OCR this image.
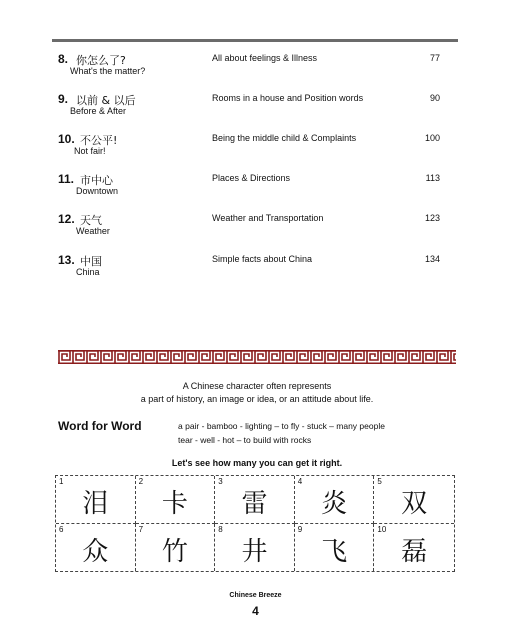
8. 你怎么了?
What's the matter?
All about feelings & Illness	77
9. 以前 & 以后
Before & After
Rooms in a house and Position words	90
10. 不公平!
Not fair!
Being the middle child & Complaints	100
11. 市中心
Downtown
Places & Directions	113
12. 天气
Weather
Weather and Transportation	123
13. 中国
China
Simple facts about China	134
A Chinese character often represents
a part of history, an image or idea, or an attitude about life.
Word for Word	a pair - bamboo - lighting – to fly - stuck – many people
tear - well - hot – to build with rocks
Let's see how many you can get it right.
1
泪
2
卡
3
雷
4
炎
5
双
6
众
7
竹
8
井
9
飞
10
磊
Chinese Breeze
4
